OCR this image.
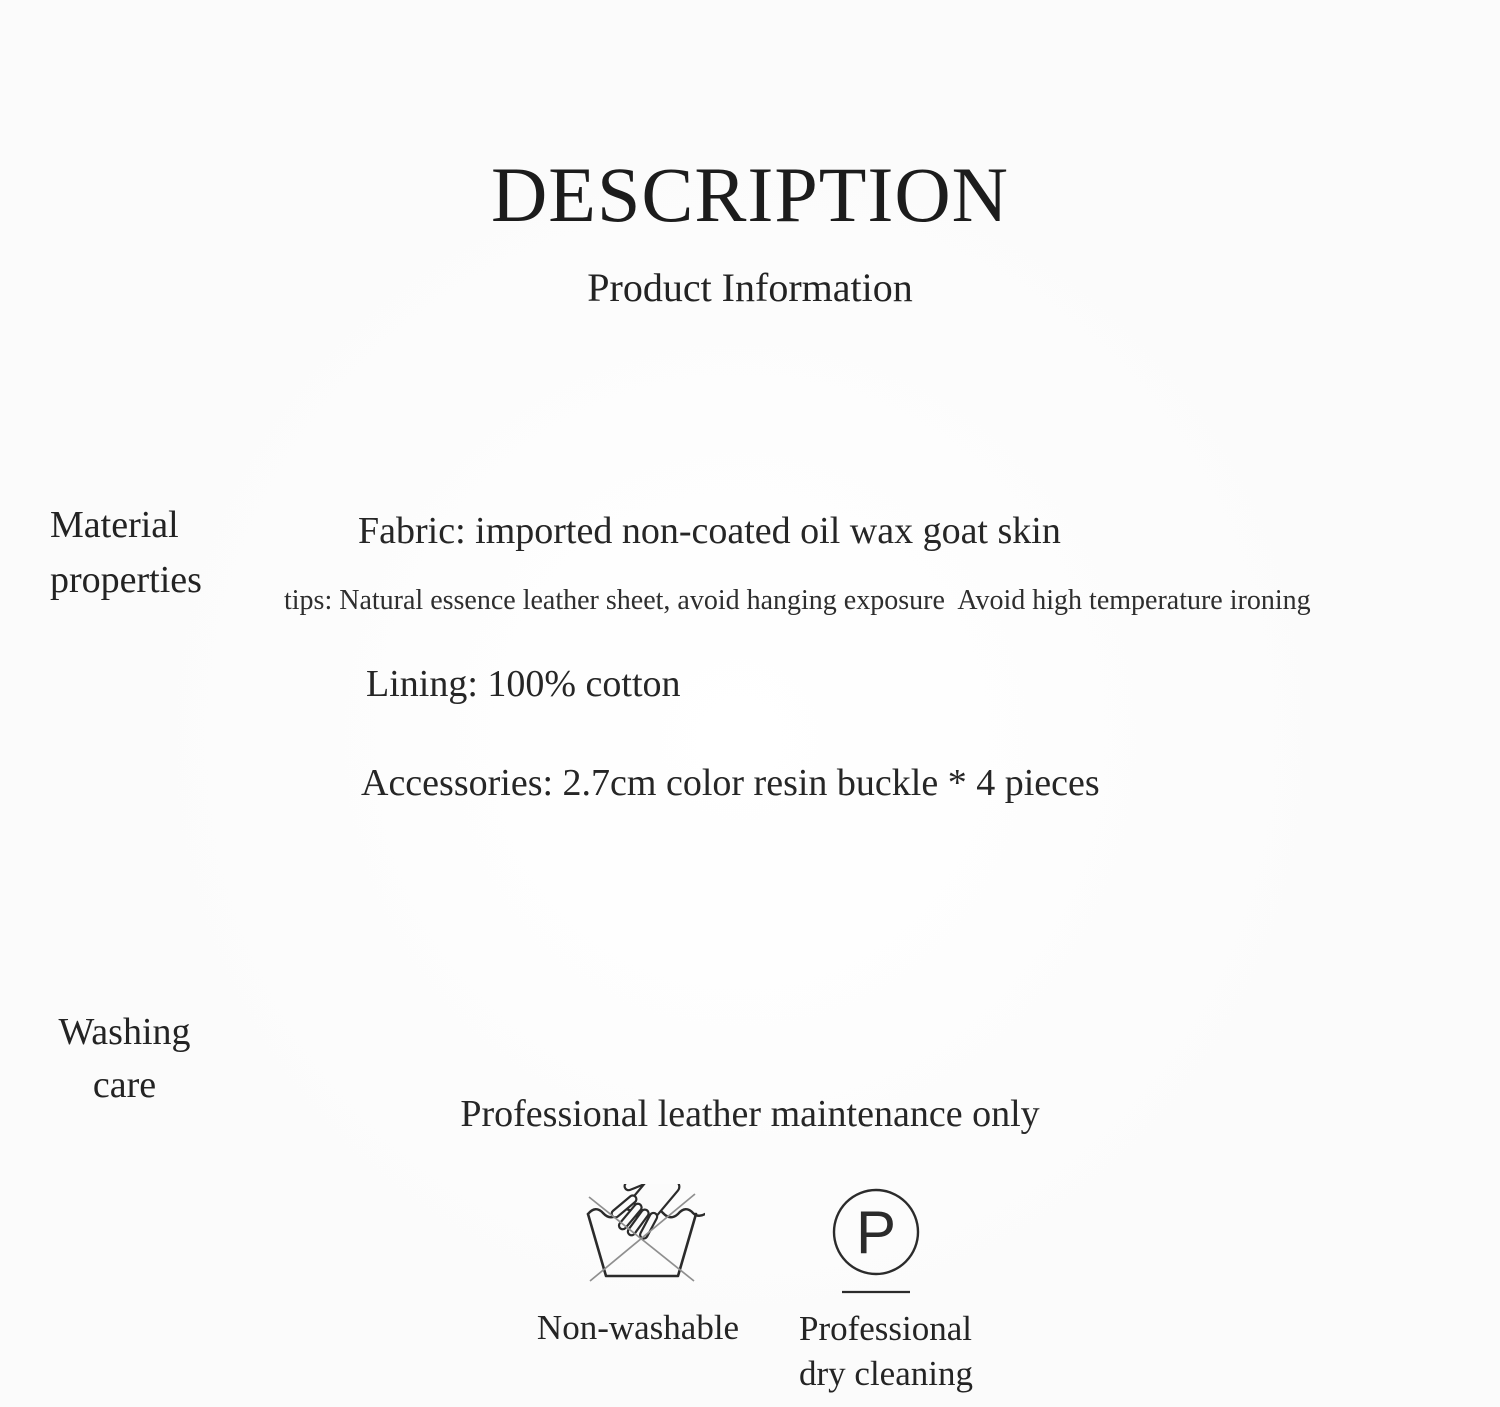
DESCRIPTION
Product Information
Material
properties
Fabric: imported non-coated oil wax goat skin
tips: Natural essence leather sheet, avoid hanging exposure  Avoid high temperature ironing
Lining: 100% cotton
Accessories: 2.7cm color resin buckle * 4 pieces
Washing
care
Professional leather maintenance only
P
Non-washable	Professional dry cleaning
